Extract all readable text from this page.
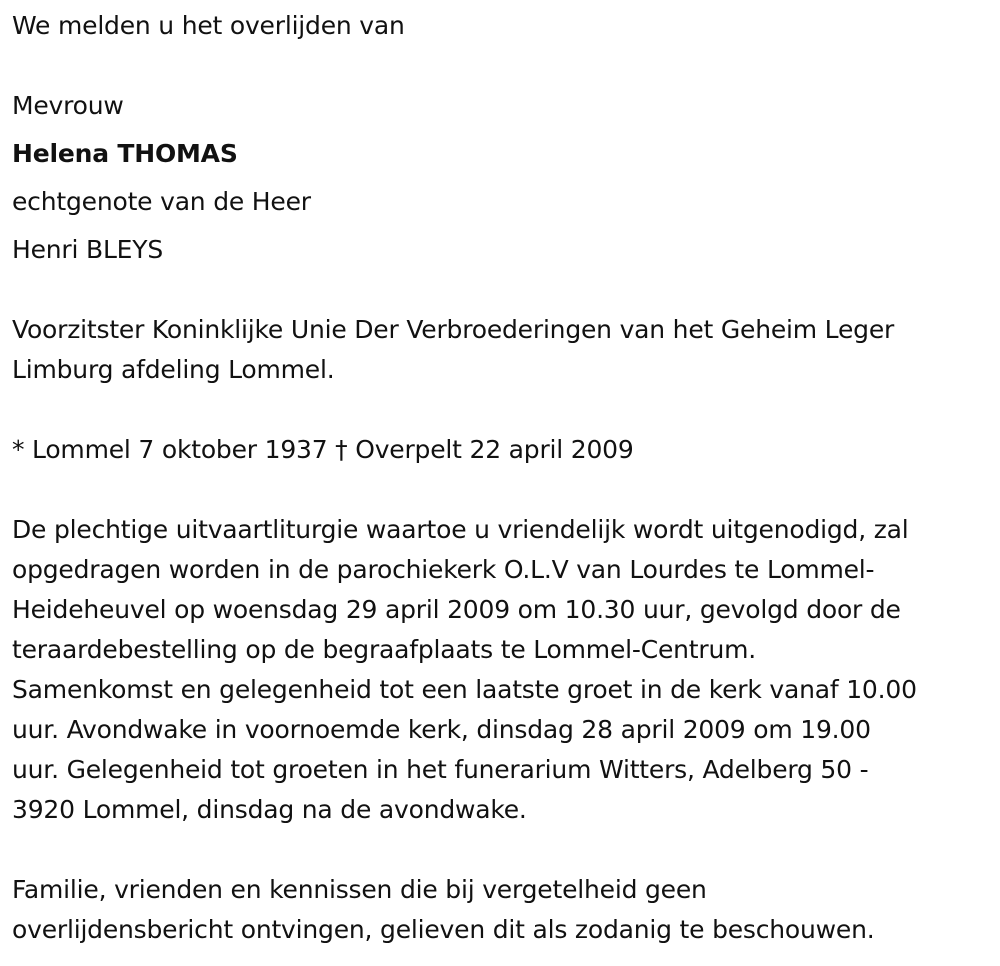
We melden u het overlijden van
Mevrouw
Helena THOMAS
echtgenote van de Heer
Henri BLEYS
Voorzitster Koninklijke Unie Der Verbroederingen van het Geheim Leger
Limburg afdeling Lommel.
* Lommel 7 oktober 1937 † Overpelt 22 april 2009
De plechtige uitvaartliturgie waartoe u vriendelijk wordt uitgenodigd, zal
opgedragen worden in de parochiekerk O.L.V van Lourdes te Lommel-
Heideheuvel op woensdag 29 april 2009 om 10.30 uur, gevolgd door de
teraardebestelling op de begraafplaats te Lommel-Centrum.
Samenkomst en gelegenheid tot een laatste groet in de kerk vanaf 10.00
uur. Avondwake in voornoemde kerk, dinsdag 28 april 2009 om 19.00
uur. Gelegenheid tot groeten in het funerarium Witters, Adelberg 50 -
3920 Lommel, dinsdag na de avondwake.
Familie, vrienden en kennissen die bij vergetelheid geen
overlijdensbericht ontvingen, gelieven dit als zodanig te beschouwen.
